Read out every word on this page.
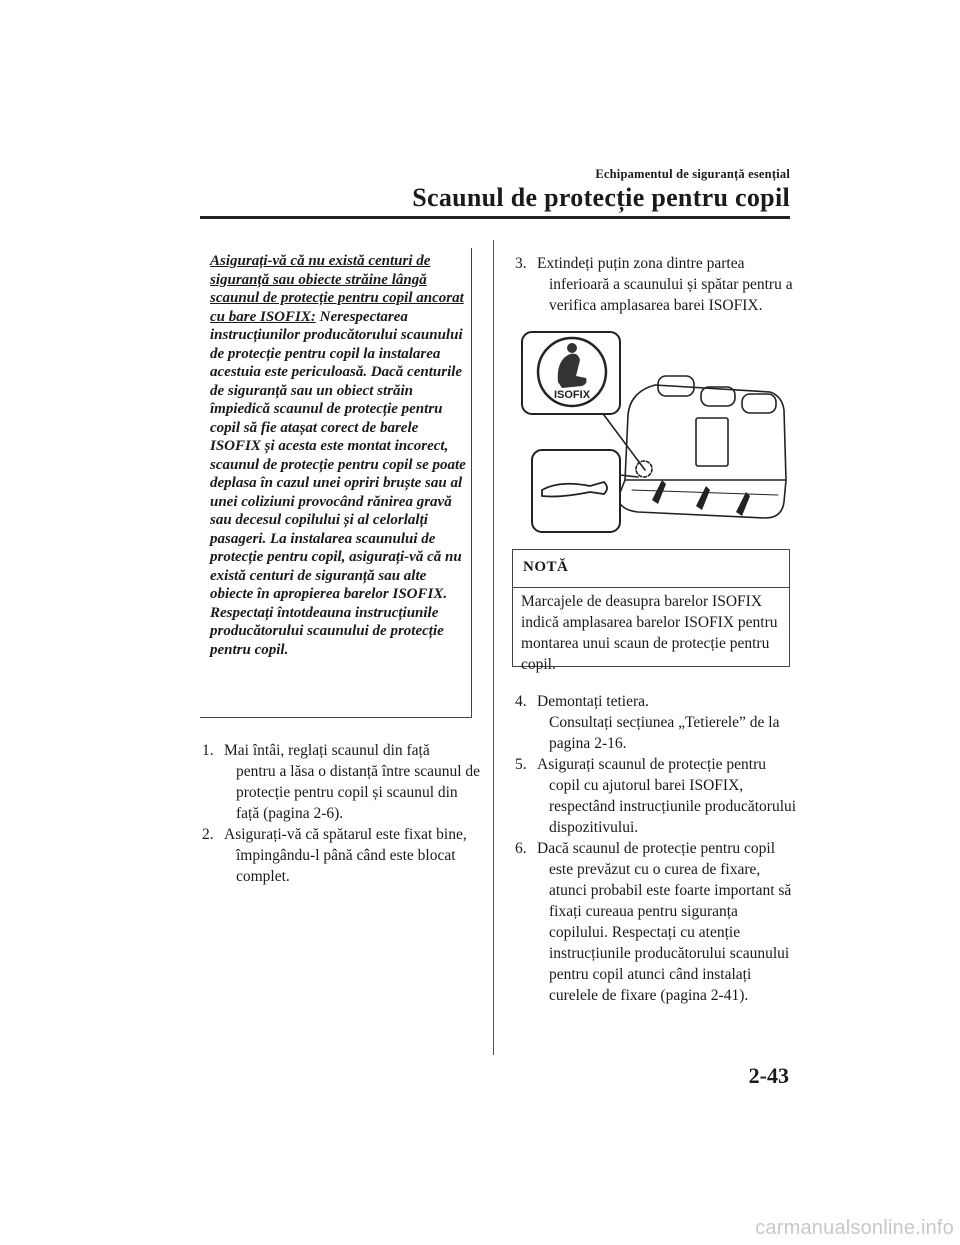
Echipamentul de siguranță esențial
Scaunul de protecție pentru copil
Asigurați-vă că nu există centuri de siguranță sau obiecte străine lângă scaunul de protecție pentru copil ancorat cu bare ISOFIX: Nerespectarea instrucțiunilor producătorului scaunului de protecție pentru copil la instalarea acestuia este periculoasă. Dacă centurile de siguranță sau un obiect străin împiedică scaunul de protecție pentru copil să fie atașat corect de barele ISOFIX și acesta este montat incorect, scaunul de protecție pentru copil se poate deplasa în cazul unei opriri bruște sau al unei coliziuni provocând rănirea gravă sau decesul copilului și al celorlalți pasageri. La instalarea scaunului de protecție pentru copil, asigurați-vă că nu există centuri de siguranță sau alte obiecte în apropierea barelor ISOFIX. Respectați întotdeauna instrucțiunile producătorului scaunului de protecție pentru copil.
1. Mai întâi, reglați scaunul din față
pentru a lăsa o distanță între scaunul de protecție pentru copil și scaunul din față (pagina 2-6).
2. Asigurați-vă că spătarul este fixat bine,
împingându-l până când este blocat complet.
3. Extindeți puțin zona dintre partea
inferioară a scaunului și spătar pentru a verifica amplasarea barei ISOFIX.
ISOFIX
NOTĂ
Marcajele de deasupra barelor ISOFIX indică amplasarea barelor ISOFIX pentru montarea unui scaun de protecție pentru copil.
4. Demontați tetiera.
Consultați secțiunea „Tetierele” de la pagina 2-16.
5. Asigurați scaunul de protecție pentru
copil cu ajutorul barei ISOFIX, respectând instrucțiunile producătorului dispozitivului.
6. Dacă scaunul de protecție pentru copil
este prevăzut cu o curea de fixare, atunci probabil este foarte important să fixați cureaua pentru siguranța copilului. Respectați cu atenție instrucțiunile producătorului scaunului pentru copil atunci când instalați curelele de fixare (pagina 2-41).
2-43
carmanualsonline.info
